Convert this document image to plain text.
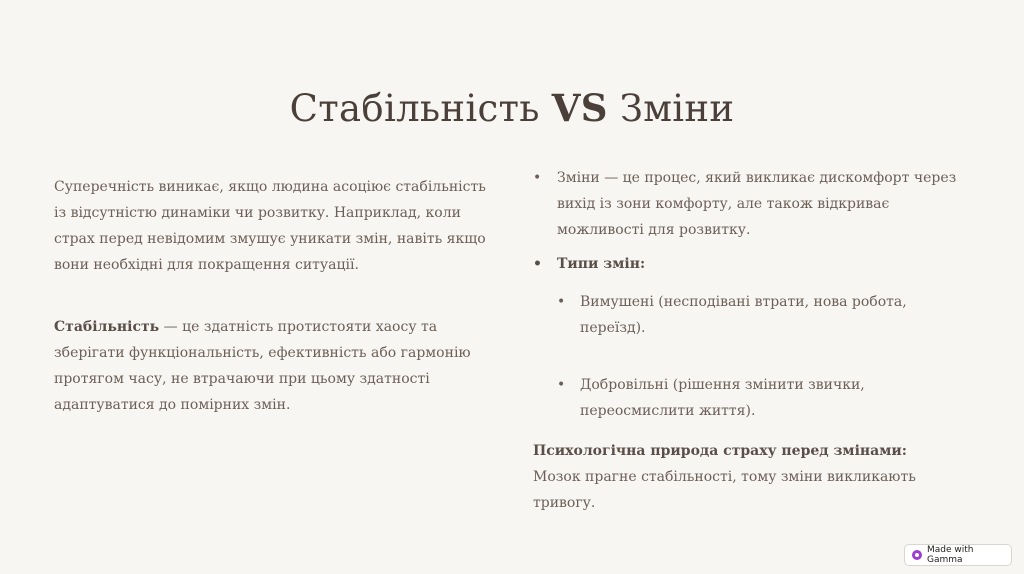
Стабільність VS Зміни

Суперечність виникає, якщо людина асоціює стабільність із відсутністю динаміки чи розвитку. Наприклад, коли страх перед невідомим змушує уникати змін, навіть якщо вони необхідні для покращення ситуації.

Стабільність — це здатність протистояти хаосу та зберігати функціональність, ефективність або гармонію протягом часу, не втрачаючи при цьому здатності адаптуватися до помірних змін.

• Зміни — це процес, який викликає дискомфорт через вихід із зони комфорту, але також відкриває можливості для розвитку.
• Типи змін:
• Вимушені (несподівані втрати, нова робота, переїзд).
• Добровільні (рішення змінити звички, переосмислити життя).

Психологічна природа страху перед змінами:

Мозок прагне стабільності, тому зміни викликають тривогу.

Made with Gamma
